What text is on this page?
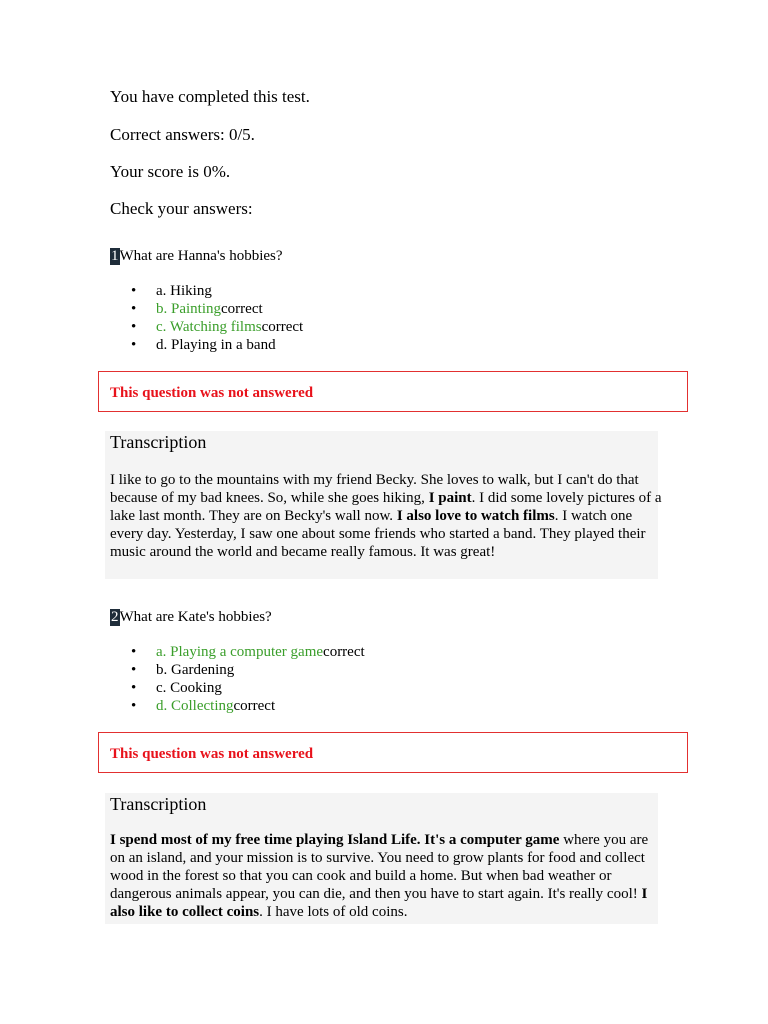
You have completed this test.
Correct answers: 0/5.
Your score is 0%.
Check your answers:
1What are Hanna's hobbies?
• a. Hiking
• b. Paintingcorrect
• c. Watching filmscorrect
• d. Playing in a band
This question was not answered
Transcription
I like to go to the mountains with my friend Becky. She loves to walk, but I can't do that because of my bad knees. So, while she goes hiking, I paint. I did some lovely pictures of a lake last month. They are on Becky's wall now. I also love to watch films. I watch one every day. Yesterday, I saw one about some friends who started a band. They played their music around the world and became really famous. It was great!
2What are Kate's hobbies?
• a. Playing a computer gamecorrect
• b. Gardening
• c. Cooking
• d. Collectingcorrect
This question was not answered
Transcription
I spend most of my free time playing Island Life. It's a computer game where you are on an island, and your mission is to survive. You need to grow plants for food and collect wood in the forest so that you can cook and build a home. But when bad weather or dangerous animals appear, you can die, and then you have to start again. It's really cool! I also like to collect coins. I have lots of old coins.
